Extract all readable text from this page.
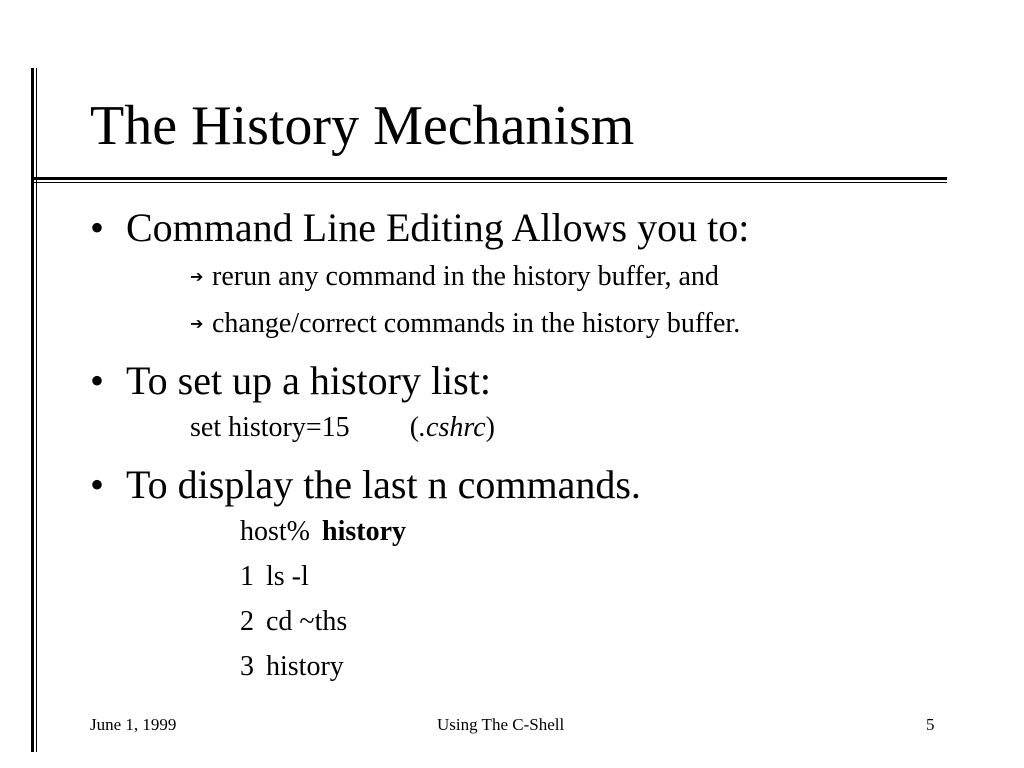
The History Mechanism
• Command Line Editing Allows you to:
➔ rerun any command in the history buffer, and
➔ change/correct commands in the history buffer.
• To set up a history list:
set history=15 (.cshrc)
• To display the last n commands.
host% history
1 ls -l
2 cd ~ths
3 history
June 1, 1999	Using The C-Shell	5
